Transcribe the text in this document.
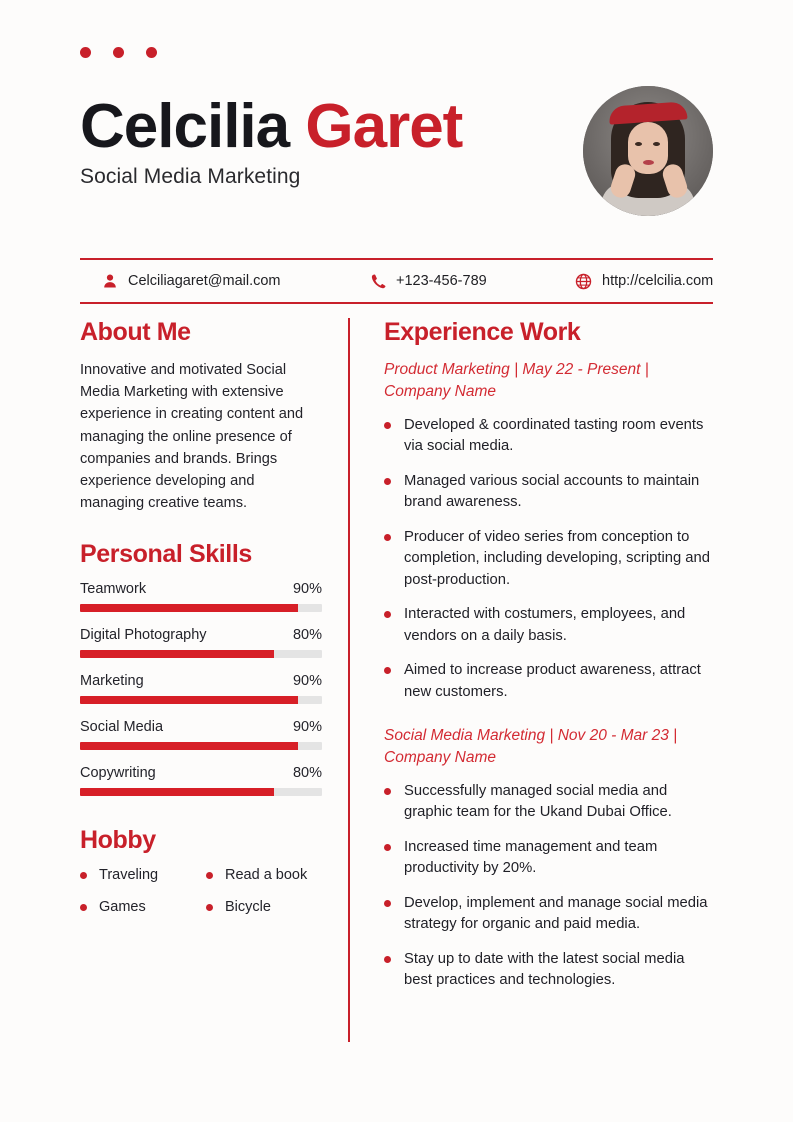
Celcilia Garet
Social Media Marketing
Celciliagaret@mail.com	+123-456-789	http://celcilia.com
About Me
Innovative and motivated Social Media Marketing with extensive experience in creating content and managing the online presence of companies and brands. Brings experience developing and managing creative teams.
Personal Skills
Teamwork	90%
Digital Photography	80%
Marketing	90%
Social Media	90%
Copywriting	80%
Hobby
Traveling	Read a book
Games	Bicycle
Experience Work
Product Marketing | May 22 - Present | Company Name
Developed & coordinated tasting room events via social media.
Managed various social accounts to maintain brand awareness.
Producer of video series from conception to completion, including developing, scripting and post-production.
Interacted with costumers, employees, and vendors on a daily basis.
Aimed to increase product awareness, attract new customers.
Social Media Marketing | Nov 20 - Mar 23 | Company Name
Successfully managed social media and graphic team for the Ukand Dubai Office.
Increased time management and team productivity by 20%.
Develop, implement and manage social media strategy for organic and paid media.
Stay up to date with the latest social media best practices and technologies.
